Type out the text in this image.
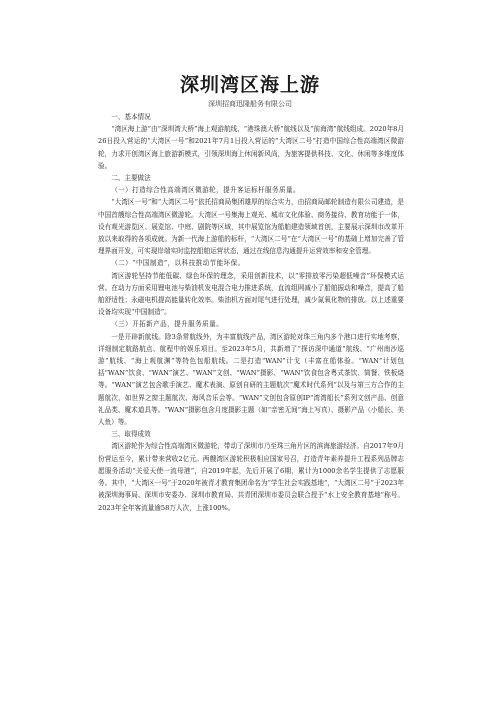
深圳湾区海上游
深圳招商迅隆船务有限公司

一、基本情况

“湾区海上游”由“深圳湾大桥”海上观游航线、“港珠澳大桥”航线以及“前海湾”航线组成。2020年8月26日投入营运的“大湾区一号”和2021年7月1日投入营运的“大湾区二号”打造中国综合性高端湾区微游轮，力求开创湾区海上旅游新模式，引领深圳海上休闲新风尚，为旅客提供科技、文化、休闲等多维度体验。

二、主要做法

（一）打造综合性高端湾区微游轮，提升客运标杆服务质量。

“大湾区一号”和“大湾区二号”依托招商局集团雄厚的综合实力，由招商局邮轮制造有限公司建造，是中国首艘综合性高端湾区微游轮。大湾区一号集海上观光、城市文化体验、商务接待、教育功能于一体，设有观光游览区、展览馆、中庭、剧院等区域，其中展览馆为船舶建造领域首创，主要展示深圳市改革开放以来取得的各项成就。为新一代海上游船的标杆，“大湾区二号”在“大湾区一号”的基础上增加完善了管理界面开发，可实现岸端实时监控船舶运营状态，通过在线信息沟通提升运营效率和安全管理。

（二）“中国制造”，以科技推动节能环保。

湾区游轮坚持节能低碳、绿色环保的理念，采用创新技术，以“零排放零污染超低噪音”环保模式运营。在动力方面采用锂电池与柴油机发电混合电力推进系统，直流组网减小了船舶振动和噪音，提高了船舶舒适性；永磁电机提高能量转化效率。柴油机方面对尾气进行处理，减少氮氧化物的排放。以上述重要设备均实现“中国制造”。

（三）开拓新产品，提升服务质量。

一是开辟新航线。除3条常航线外，为丰富航线产品，湾区游轮对珠三角内多个港口进行实地考察，详细制定航路航点、航程中的娱乐项目。至2023年5月，共新增了“探访深中通道”航线、“广州南沙巡游”航线、“海上观航渊”等特色包船航线。二是打造“WAN”计戈（丰富在船体验。“WAN”计划包括“WAN”饮食、“WAN”演艺、“WAN”文创、“WAN”摄影、“WAN”饮食包含粤式茶饮、简餐、铁板烧等。“WAN”演艺包含歌手演艺、魔术表演、原创自研的主题航次“魔术时代系列”以及与第三方合作的主题航次，如世界之窗主题航次、海风音乐会等。“WAN”文创包含原创IP“湾湾船长”系列文创产品、创意礼品类、魔术道具等。“WAN”摄影包含月度摄影主题（如“亲密无间”海上写真）、摄影产品（小船长、美人鱼）等。

三、取得成效

湾区游轮作为综合性高端湾区微游轮，带动了深圳市乃至珠三角片区的滨海旅游经济。自2017年9月份营运至今，累计带来营收2亿元。两艘湾区游轮积极相应国家号召，打造青年素养提升工程系列品牌志愿服务活动“关爱天使一流母港”，自2019年起，先后开展了6期，累计为1000余名学生提供了志愿服务。其中，“大湾区一号”于2020年被青才教育集团命名为“学生社会实践基地”，“大湾区二号”于2023年被深圳海事局、深圳市安委办、深圳市教育局、共青团深圳市委员会联合授予“水上安全教育基地”称号。2023年全年客流量逾58万人次，上涨100%。
